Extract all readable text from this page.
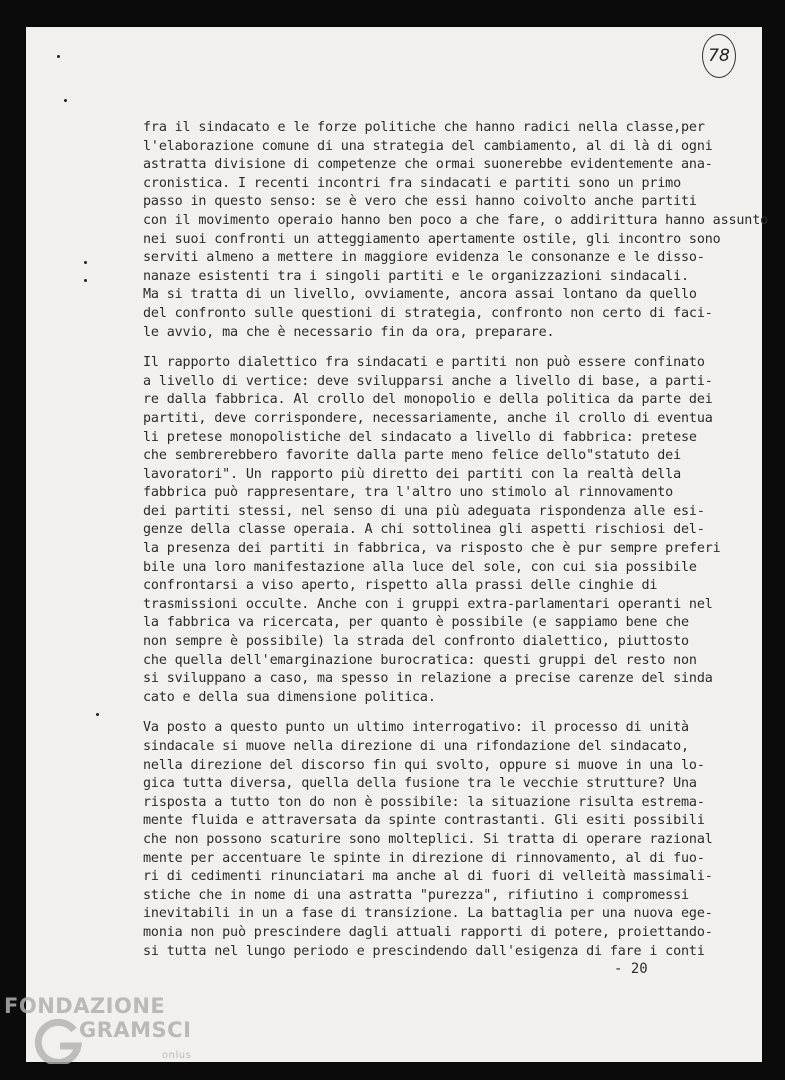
78
fra il sindacato e le forze politiche che hanno radici nella classe,per
l'elaborazione comune di una strategia del cambiamento, al di là di ogni
astratta divisione di competenze che ormai suonerebbe evidentemente ana-
cronistica. I recenti incontri fra sindacati e partiti sono un primo
passo in questo senso: se è vero che essi hanno coivolto anche partiti
con il movimento operaio hanno ben poco a che fare, o addirittura hanno assunto
nei suoi confronti un atteggiamento apertamente ostile, gli incontro sono
serviti almeno a mettere in maggiore evidenza le consonanze e le disso-
nanaze esistenti tra i singoli partiti e le organizzazioni sindacali.
Ma si tratta di un livello, ovviamente, ancora assai lontano da quello
del confronto sulle questioni di strategia, confronto non certo di faci-
le avvio, ma che è necessario fin da ora, preparare.
Il rapporto dialettico fra sindacati e partiti non può essere confinato
a livello di vertice: deve svilupparsi anche a livello di base, a parti-
re dalla fabbrica. Al crollo del monopolio e della politica da parte dei
partiti, deve corrispondere, necessariamente, anche il crollo di eventua
li pretese monopolistiche del sindacato a livello di fabbrica: pretese
che sembrerebbero favorite dalla parte meno felice dello"statuto dei
lavoratori". Un rapporto più diretto dei partiti con la realtà della
fabbrica può rappresentare, tra l'altro uno stimolo al rinnovamento
dei partiti stessi, nel senso di una più adeguata rispondenza alle esi-
genze della classe operaia. A chi sottolinea gli aspetti rischiosi del-
la presenza dei partiti in fabbrica, va risposto che è pur sempre preferi
bile una loro manifestazione alla luce del sole, con cui sia possibile
confrontarsi a viso aperto, rispetto alla prassi delle cinghie di
trasmissioni occulte. Anche con i gruppi extra-parlamentari operanti nel
la fabbrica va ricercata, per quanto è possibile (e sappiamo bene che
non sempre è possibile) la strada del confronto dialettico, piuttosto
che quella dell'emarginazione burocratica: questi gruppi del resto non
si sviluppano a caso, ma spesso in relazione a precise carenze del sinda
cato e della sua dimensione politica.
Va posto a questo punto un ultimo interrogativo: il processo di unità
sindacale si muove nella direzione di una rifondazione del sindacato,
nella direzione del discorso fin qui svolto, oppure si muove in una lo-
gica tutta diversa, quella della fusione tra le vecchie strutture? Una
risposta a tutto ton do non è possibile: la situazione risulta estrema-
mente fluida e attraversata da spinte contrastanti. Gli esiti possibili
che non possono scaturire sono molteplici. Si tratta di operare razional
mente per accentuare le spinte in direzione di rinnovamento, al di fuo-
ri di cedimenti rinunciatari ma anche al di fuori di velleità massimali-
stiche che in nome di una astratta "purezza", rifiutino i compromessi
inevitabili in un a fase di transizione. La battaglia per una nuova ege-
monia non può prescindere dagli attuali rapporti di potere, proiettando-
si tutta nel lungo periodo e prescindendo dall'esigenza di fare i conti
- 20
FONDAZIONE
GRAMSCI
onlus
